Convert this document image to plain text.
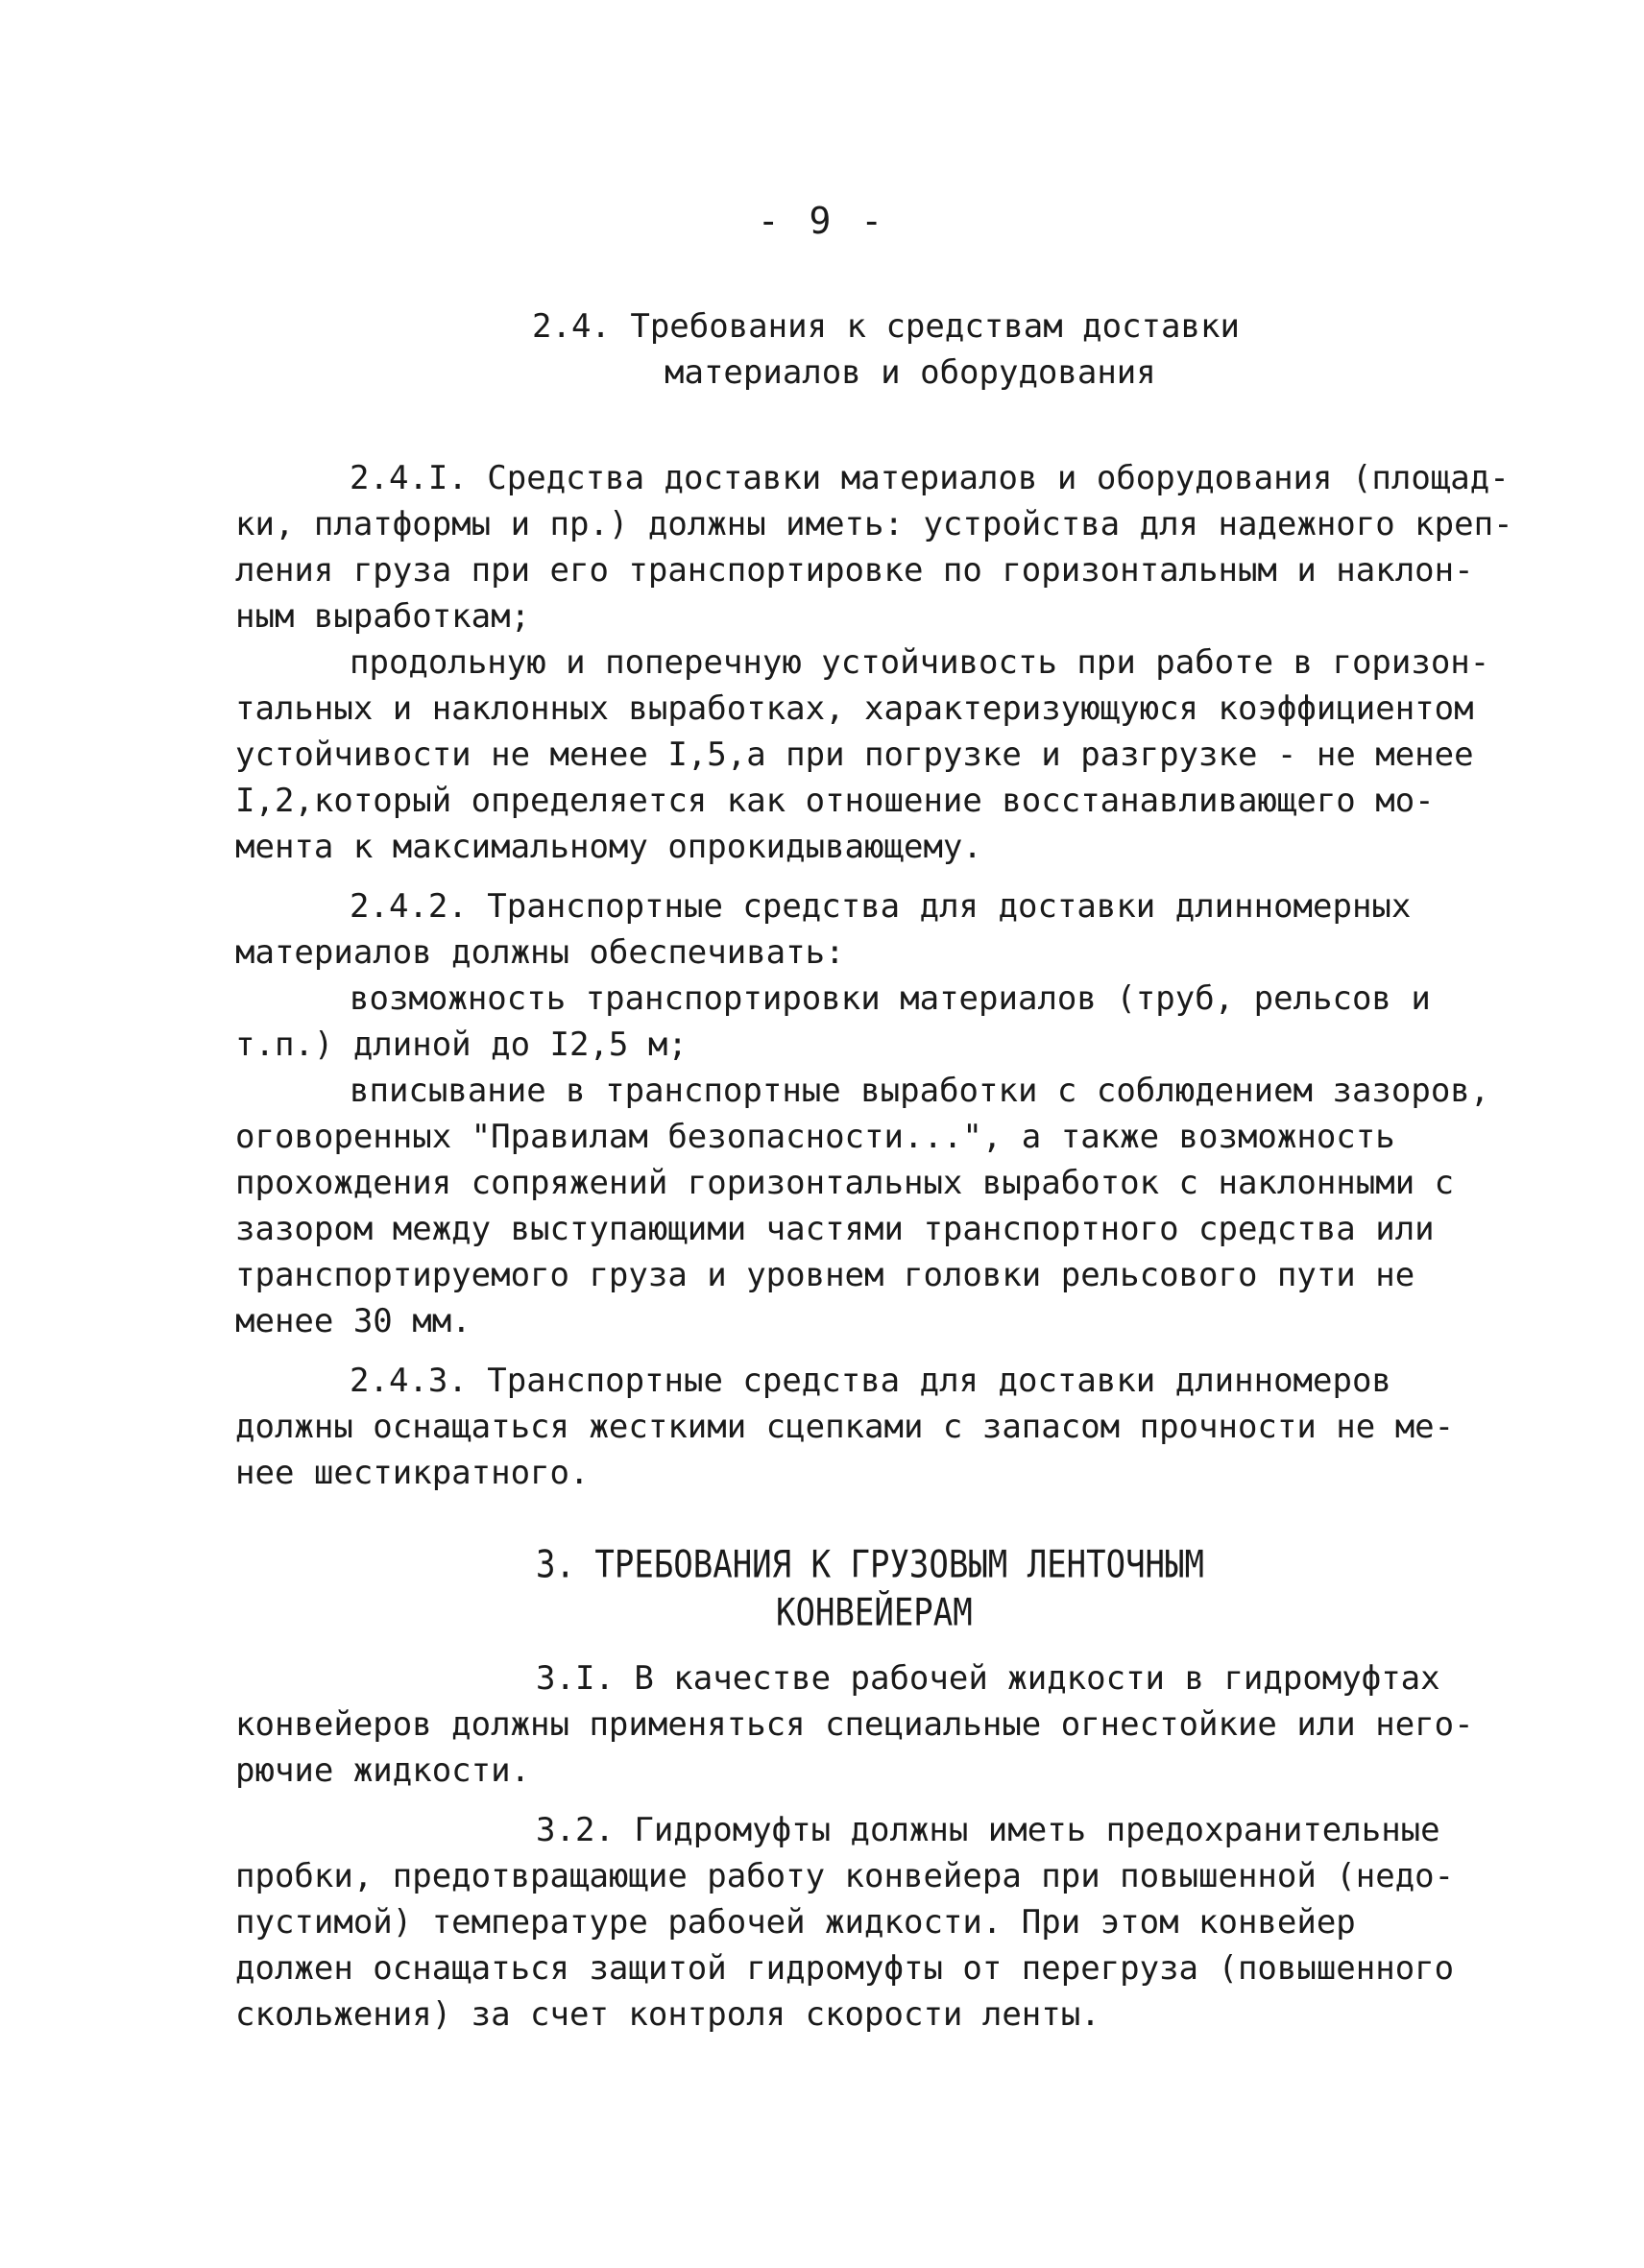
- 9 -
2.4. Требования к средствам доставки
материалов и оборудования
2.4.I. Средства доставки материалов и оборудования (площад-
ки, платформы и пр.) должны иметь: устройства для надежного креп-
ления груза при его транспортировке по горизонтальным и наклон-
ным выработкам;
продольную и поперечную устойчивость при работе в горизон-
тальных и наклонных выработках, характеризующуюся коэффициентом
устойчивости не менее I,5,а при погрузке и разгрузке - не менее
I,2,который определяется как отношение восстанавливающего мо-
мента к максимальному опрокидывающему.
2.4.2. Транспортные средства для доставки длинномерных
материалов должны обеспечивать:
возможность транспортировки материалов (труб, рельсов и
т.п.) длиной до I2,5 м;
вписывание в транспортные выработки с соблюдением зазоров,
оговоренных "Правилам безопасности...", а также возможность
прохождения сопряжений горизонтальных выработок с наклонными с
зазором между выступающими частями транспортного средства или
транспортируемого груза и уровнем головки рельсового пути не
менее 30 мм.
2.4.3. Транспортные средства для доставки длинномеров
должны оснащаться жесткими сцепками с запасом прочности не ме-
нее шестикратного.
3. ТРЕБОВАНИЯ К ГРУЗОВЫМ ЛЕНТОЧНЫМ
КОНВЕЙЕРАМ
3.I. В качестве рабочей жидкости в гидромуфтах
конвейеров должны применяться специальные огнестойкие или него-
рючие жидкости.
3.2. Гидромуфты должны иметь предохранительные
пробки, предотвращающие работу конвейера при повышенной (недо-
пустимой) температуре рабочей жидкости. При этом конвейер
должен оснащаться защитой гидромуфты от перегруза (повышенного
скольжения) за счет контроля скорости ленты.
